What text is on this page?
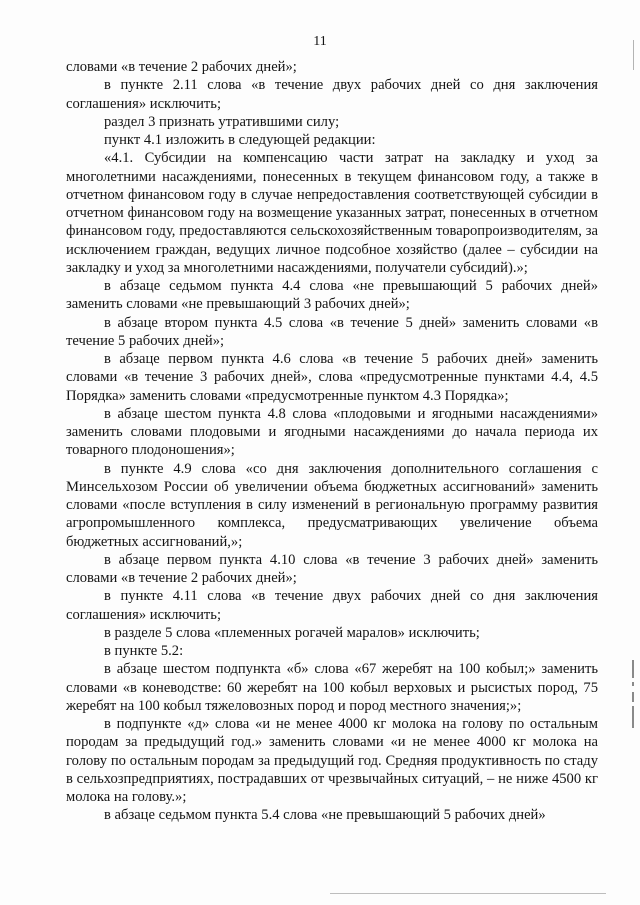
11

словами «в течение 2 рабочих дней»;

в пункте 2.11 слова «в течение двух рабочих дней со дня заключения соглашения» исключить;

раздел 3 признать утратившими силу;

пункт 4.1 изложить в следующей редакции:

«4.1. Субсидии на компенсацию части затрат на закладку и уход за многолетними насаждениями, понесенных в текущем финансовом году, а также в отчетном финансовом году в случае непредоставления соответствующей субсидии в отчетном финансовом году на возмещение указанных затрат, понесенных в отчетном финансовом году, предоставляются сельскохозяйственным товаропроизводителям, за исключением граждан, ведущих личное подсобное хозяйство (далее – субсидии на закладку и уход за многолетними насаждениями, получатели субсидий).»;

в абзаце седьмом пункта 4.4 слова «не превышающий 5 рабочих дней» заменить словами «не превышающий 3 рабочих дней»;

в абзаце втором пункта 4.5 слова «в течение 5 дней» заменить словами «в течение 5 рабочих дней»;

в абзаце первом пункта 4.6 слова «в течение 5 рабочих дней» заменить словами «в течение 3 рабочих дней», слова «предусмотренные пунктами 4.4, 4.5 Порядка» заменить словами «предусмотренные пунктом 4.3 Порядка»;

в абзаце шестом пункта 4.8 слова «плодовыми и ягодными насаждениями» заменить словами плодовыми и ягодными насаждениями до начала периода их товарного плодоношения»;

в пункте 4.9 слова «со дня заключения дополнительного соглашения с Минсельхозом России об увеличении объема бюджетных ассигнований» заменить словами «после вступления в силу изменений в региональную программу развития агропромышленного комплекса, предусматривающих увеличение объема бюджетных ассигнований,»;

в абзаце первом пункта 4.10 слова «в течение 3 рабочих дней» заменить словами «в течение 2 рабочих дней»;

в пункте 4.11 слова «в течение двух рабочих дней со дня заключения соглашения» исключить;

в разделе 5 слова «племенных рогачей маралов» исключить;

в пункте 5.2:

в абзаце шестом подпункта «б» слова «67 жеребят на 100 кобыл;» заменить словами «в коневодстве: 60 жеребят на 100 кобыл верховых и рысистых пород, 75 жеребят на 100 кобыл тяжеловозных пород и пород местного значения;»;

в подпункте «д» слова «и не менее 4000 кг молока на голову по остальным породам за предыдущий год.» заменить словами «и не менее 4000 кг молока на голову по остальным породам за предыдущий год. Средняя продуктивность по стаду в сельхозпредприятиях, пострадавших от чрезвычайных ситуаций, – не ниже 4500 кг молока на голову.»;

в абзаце седьмом пункта 5.4 слова «не превышающий 5 рабочих дней»
